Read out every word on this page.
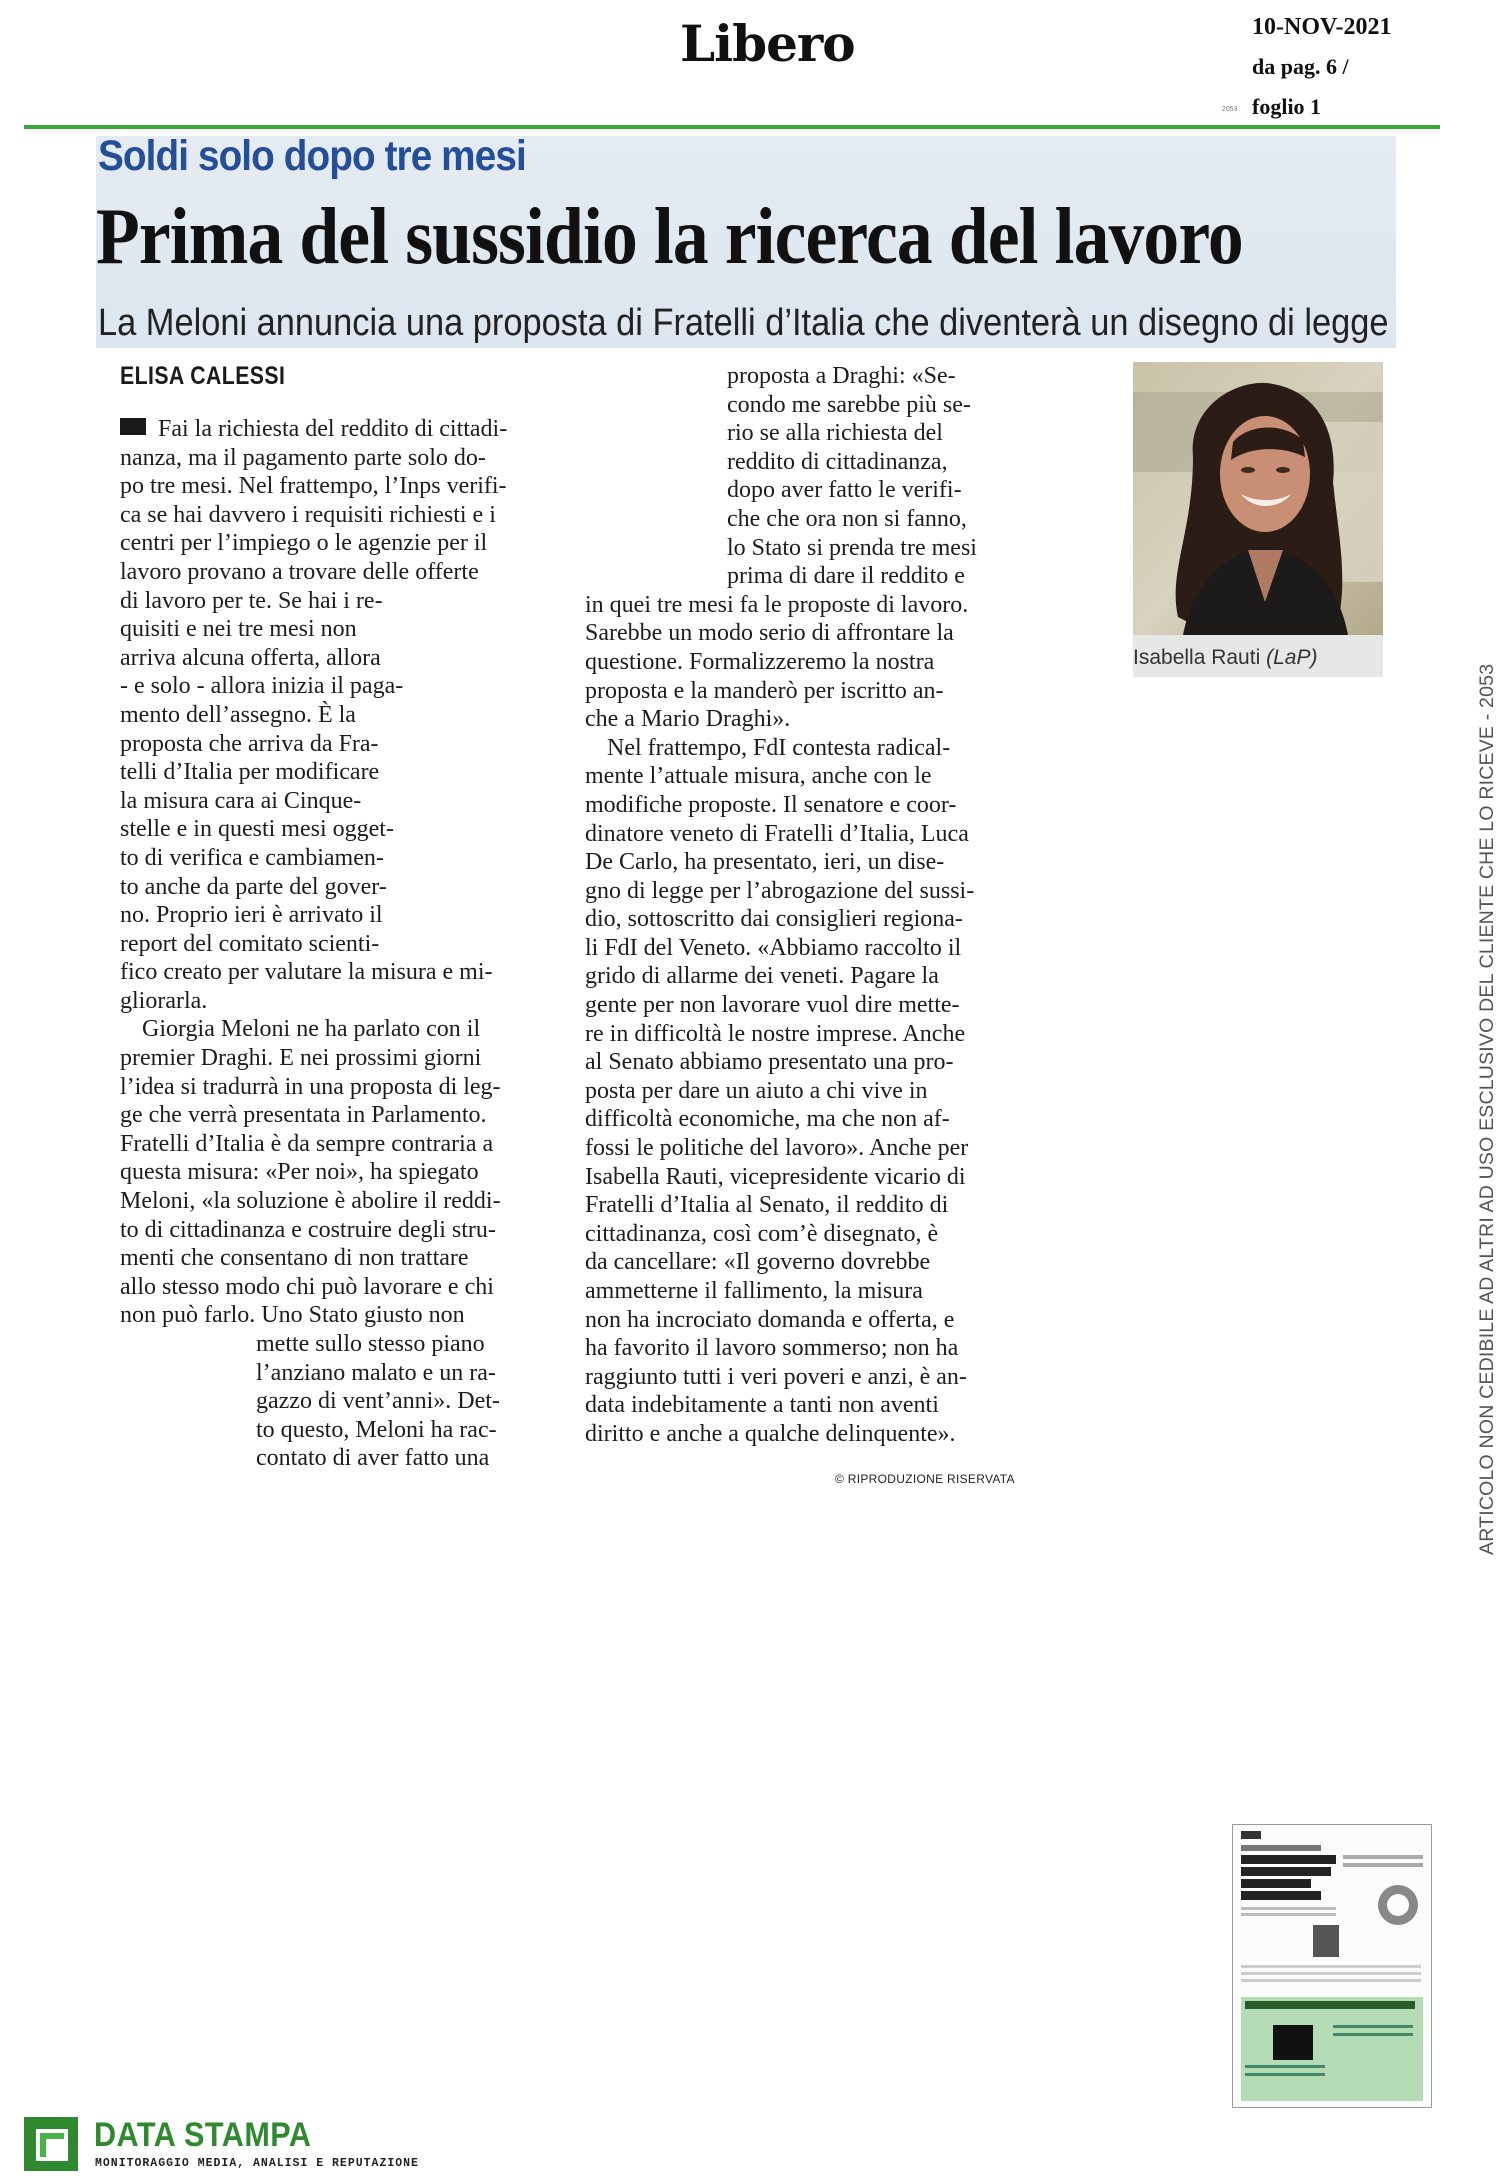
Libero	10-NOV-2021
da pag. 6 /
2053 foglio 1
Soldi solo dopo tre mesi
Prima del sussidio la ricerca del lavoro
La Meloni annuncia una proposta di Fratelli d’Italia che diventerà un disegno di legge
ELISA CALESSI
Fai la richiesta del reddito di cittadi-
nanza, ma il pagamento parte solo do-
po tre mesi. Nel frattempo, l’Inps verifi-
ca se hai davvero i requisiti richiesti e i
centri per l’impiego o le agenzie per il
lavoro provano a trovare delle offerte
di lavoro per te. Se hai i re-
quisiti e nei tre mesi non
arriva alcuna offerta, allora
- e solo - allora inizia il paga-
mento dell’assegno. È la
proposta che arriva da Fra-
telli d’Italia per modificare
la misura cara ai Cinque-
stelle e in questi mesi ogget-
to di verifica e cambiamen-
to anche da parte del gover-
no. Proprio ieri è arrivato il
report del comitato scienti-
fico creato per valutare la misura e mi-
gliorarla.
Giorgia Meloni ne ha parlato con il
premier Draghi. E nei prossimi giorni
l’idea si tradurrà in una proposta di leg-
ge che verrà presentata in Parlamento.
Fratelli d’Italia è da sempre contraria a
questa misura: «Per noi», ha spiegato
Meloni, «la soluzione è abolire il reddi-
to di cittadinanza e costruire degli stru-
menti che consentano di non trattare
allo stesso modo chi può lavorare e chi
non può farlo. Uno Stato giusto non
mette sullo stesso piano
l’anziano malato e un ra-
gazzo di vent’anni». Det-
to questo, Meloni ha rac-
contato di aver fatto una
proposta a Draghi: «Se-
condo me sarebbe più se-
rio se alla richiesta del
reddito di cittadinanza,
dopo aver fatto le verifi-
che che ora non si fanno,
lo Stato si prenda tre mesi
prima di dare il reddito e
in quei tre mesi fa le proposte di lavoro.
Sarebbe un modo serio di affrontare la
questione. Formalizzeremo la nostra
proposta e la manderò per iscritto an-
che a Mario Draghi».
Nel frattempo, FdI contesta radical-
mente l’attuale misura, anche con le
modifiche proposte. Il senatore e coor-
dinatore veneto di Fratelli d’Italia, Luca
De Carlo, ha presentato, ieri, un dise-
gno di legge per l’abrogazione del sussi-
dio, sottoscritto dai consiglieri regiona-
li FdI del Veneto. «Abbiamo raccolto il
grido di allarme dei veneti. Pagare la
gente per non lavorare vuol dire mette-
re in difficoltà le nostre imprese. Anche
al Senato abbiamo presentato una pro-
posta per dare un aiuto a chi vive in
difficoltà economiche, ma che non af-
fossi le politiche del lavoro». Anche per
Isabella Rauti, vicepresidente vicario di
Fratelli d’Italia al Senato, il reddito di
cittadinanza, così com’è disegnato, è
da cancellare: «Il governo dovrebbe
ammetterne il fallimento, la misura
non ha incrociato domanda e offerta, e
ha favorito il lavoro sommerso; non ha
raggiunto tutti i veri poveri e anzi, è an-
data indebitamente a tanti non aventi
diritto e anche a qualche delinquente».
© RIPRODUZIONE RISERVATA
Isabella Rauti (LaP)
ARTICOLO NON CEDIBILE AD ALTRI AD USO ESCLUSIVO DEL CLIENTE CHE LO RICEVE - 2053
DATA STAMPA
MONITORAGGIO MEDIA, ANALISI E REPUTAZIONE
